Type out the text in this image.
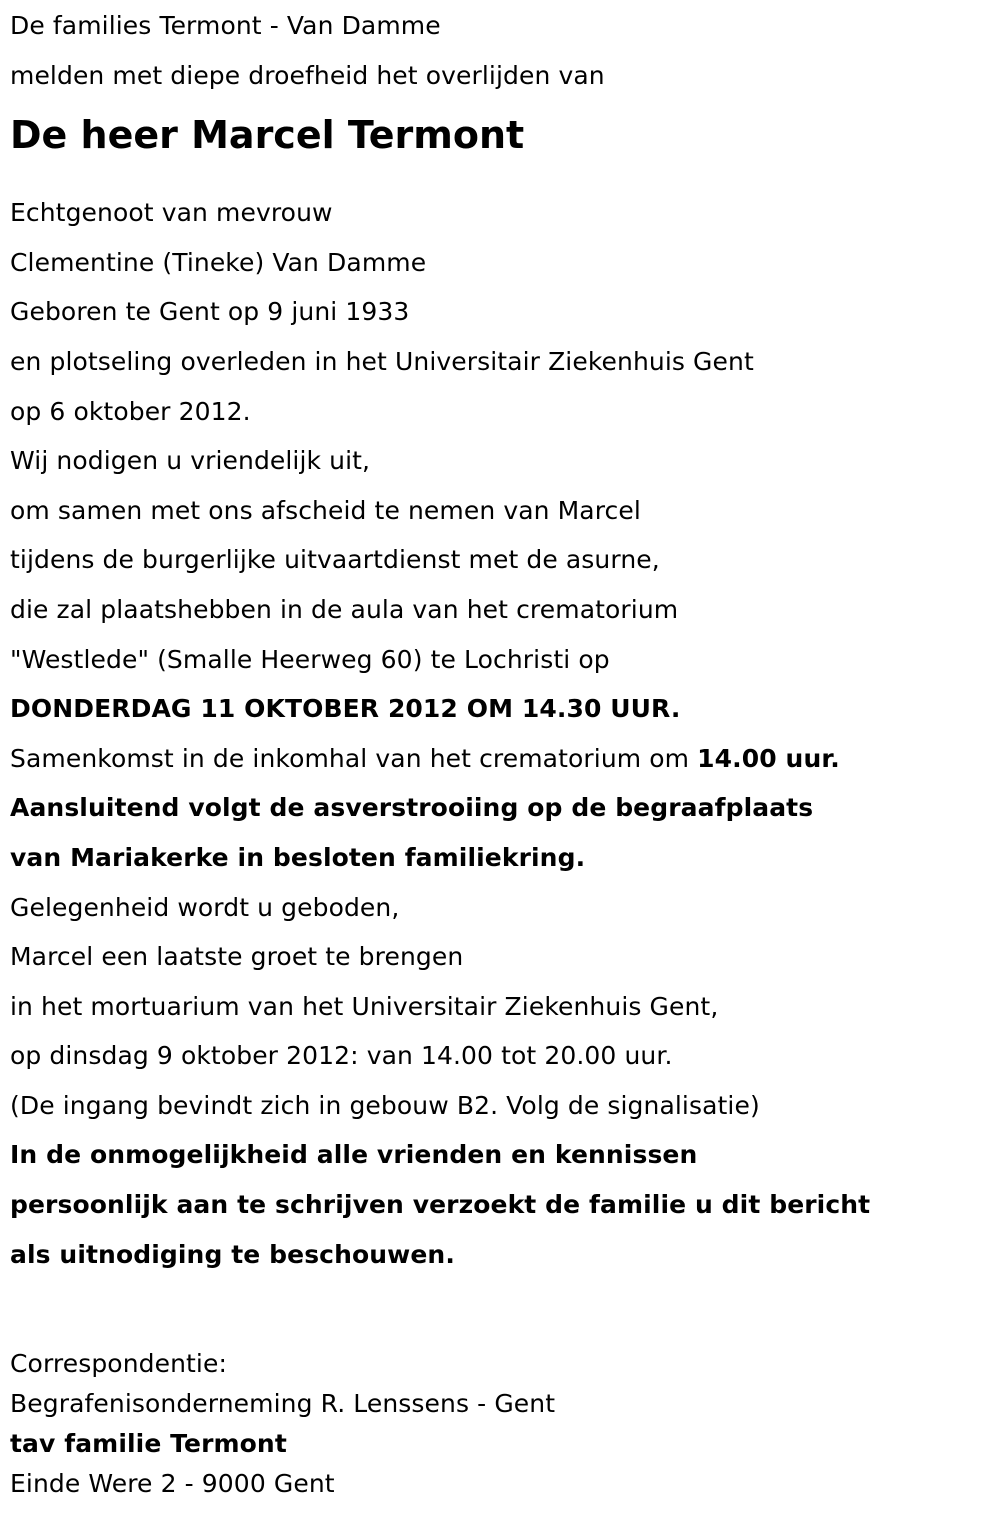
De families Termont - Van Damme
melden met diepe droefheid het overlijden van
De heer Marcel Termont
Echtgenoot van mevrouw
Clementine (Tineke) Van Damme
Geboren te Gent op 9 juni 1933
en plotseling overleden in het Universitair Ziekenhuis Gent
op 6 oktober 2012.
Wij nodigen u vriendelijk uit,
om samen met ons afscheid te nemen van Marcel
tijdens de burgerlijke uitvaartdienst met de asurne,
die zal plaatshebben in de aula van het crematorium
"Westlede" (Smalle Heerweg 60) te Lochristi op
DONDERDAG 11 OKTOBER 2012 OM 14.30 UUR.
Samenkomst in de inkomhal van het crematorium om 14.00 uur.
Aansluitend volgt de asverstrooiing op de begraafplaats
van Mariakerke in besloten familiekring.
Gelegenheid wordt u geboden,
Marcel een laatste groet te brengen
in het mortuarium van het Universitair Ziekenhuis Gent,
op dinsdag 9 oktober 2012: van 14.00 tot 20.00 uur.
(De ingang bevindt zich in gebouw B2. Volg de signalisatie)
In de onmogelijkheid alle vrienden en kennissen
persoonlijk aan te schrijven verzoekt de familie u dit bericht
als uitnodiging te beschouwen.
Correspondentie:
Begrafenisonderneming R. Lenssens - Gent
tav familie Termont
Einde Were 2 - 9000 Gent
